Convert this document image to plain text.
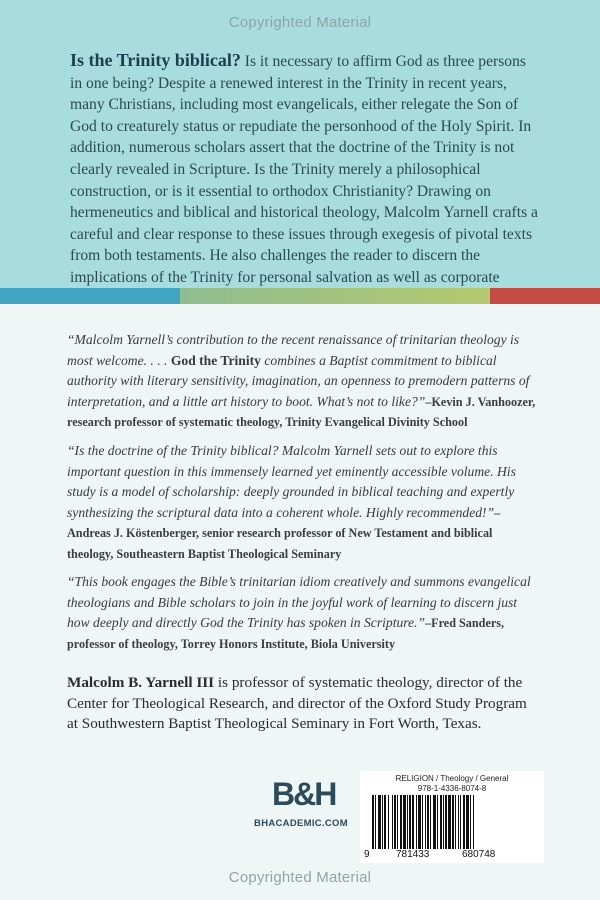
Copyrighted Material

Is the Trinity biblical? Is it necessary to affirm God as three persons in one being? Despite a renewed interest in the Trinity in recent years, many Christians, including most evangelicals, either relegate the Son of God to creaturely status or repudiate the personhood of the Holy Spirit. In addition, numerous scholars assert that the doctrine of the Trinity is not clearly revealed in Scripture. Is the Trinity merely a philosophical construction, or is it essential to orthodox Christianity? Drawing on hermeneutics and biblical and historical theology, Malcolm Yarnell crafts a careful and clear response to these issues through exegesis of pivotal texts from both testaments. He also challenges the reader to discern the implications of the Trinity for personal salvation as well as corporate

“Malcolm Yarnell’s contribution to the recent renaissance of trinitarian theology is most welcome. . . . God the Trinity combines a Baptist commitment to biblical authority with literary sensitivity, imagination, an openness to premodern patterns of interpretation, and a little art history to boot. What’s not to like?”–Kevin J. Vanhoozer, research professor of systematic theology, Trinity Evangelical Divinity School

“Is the doctrine of the Trinity biblical? Malcolm Yarnell sets out to explore this important question in this immensely learned yet eminently accessible volume. His study is a model of scholarship: deeply grounded in biblical teaching and expertly synthesizing the scriptural data into a coherent whole. Highly recommended!”–Andreas J. Köstenberger, senior research professor of New Testament and biblical theology, Southeastern Baptist Theological Seminary

“This book engages the Bible’s trinitarian idiom creatively and summons evangelical theologians and Bible scholars to join in the joyful work of learning to discern just how deeply and directly God the Trinity has spoken in Scripture.”–Fred Sanders, professor of theology, Torrey Honors Institute, Biola University

Malcolm B. Yarnell III is professor of systematic theology, director of the Center for Theological Research, and director of the Oxford Study Program at Southwestern Baptist Theological Seminary in Fort Worth, Texas.

B&H
BHACADEMIC.COM
RELIGION / Theology / General
978-1-4336-8074-8
9	781433	680748
Copyrighted Material
